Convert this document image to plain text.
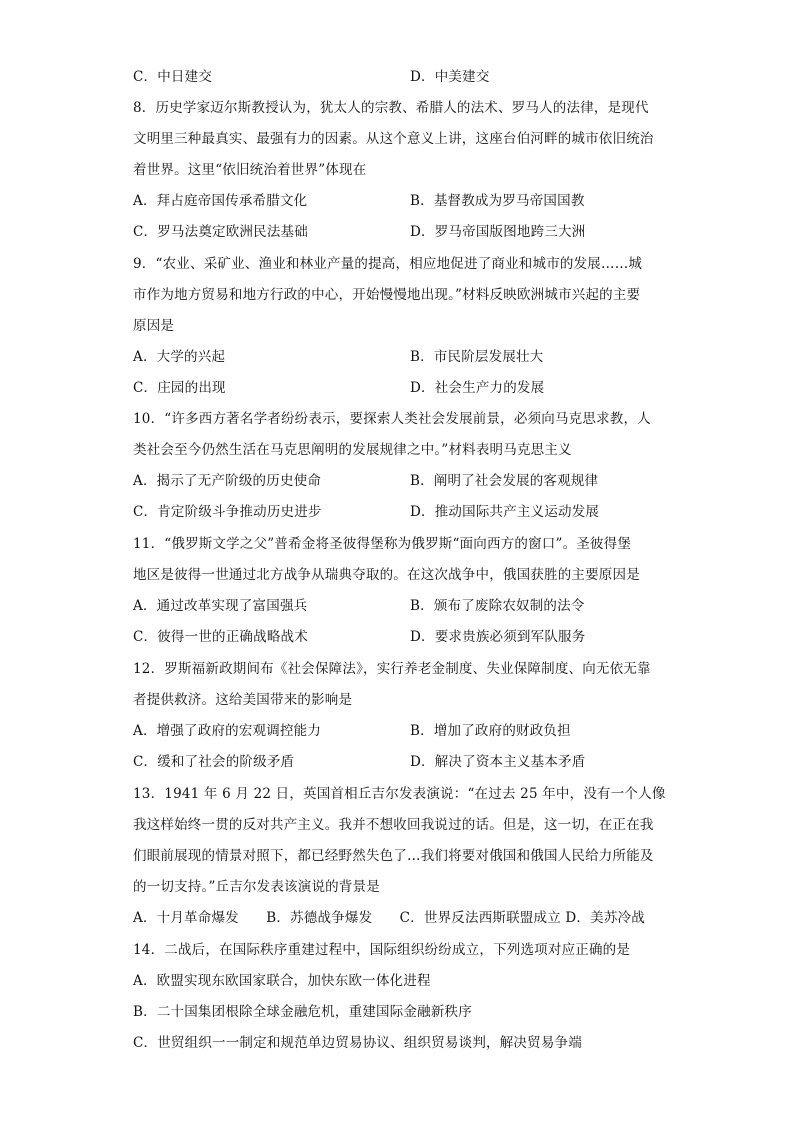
C．中日建交	D．中美建交
8．历史学家迈尔斯教授认为，犹太人的宗教、希腊人的法术、罗马人的法律，是现代
文明里三种最真实、最强有力的因素。从这个意义上讲，这座台伯河畔的城市依旧统治
着世界。这里“依旧统治着世界”体现在
A．拜占庭帝国传承希腊文化	B．基督教成为罗马帝国国教
C．罗马法奠定欧洲民法基础	D．罗马帝国版图地跨三大洲
9．“农业、采矿业、渔业和林业产量的提高，相应地促进了商业和城市的发展……城
市作为地方贸易和地方行政的中心，开始慢慢地出现。”材料反映欧洲城市兴起的主要
原因是
A．大学的兴起	B．市民阶层发展壮大
C．庄园的出现	D．社会生产力的发展
10．“许多西方著名学者纷纷表示，要探索人类社会发展前景，必须向马克思求教，人
类社会至今仍然生活在马克思阐明的发展规律之中。”材料表明马克思主义
A．揭示了无产阶级的历史使命	B．阐明了社会发展的客观规律
C．肯定阶级斗争推动历史进步	D．推动国际共产主义运动发展
11．“俄罗斯文学之父”普希金将圣彼得堡称为俄罗斯“面向西方的窗口”。圣彼得堡
地区是彼得一世通过北方战争从瑞典夺取的。在这次战争中，俄国获胜的主要原因是
A．通过改革实现了富国强兵	B．颁布了废除农奴制的法令
C．彼得一世的正确战略战术	D．要求贵族必须到军队服务
12．罗斯福新政期间布《社会保障法》，实行养老金制度、失业保障制度、向无依无靠
者提供救济。这给美国带来的影响是
A．增强了政府的宏观调控能力	B．增加了政府的财政负担
C．缓和了社会的阶级矛盾	D．解决了资本主义基本矛盾
13．1941 年 6 月 22 日，英国首相丘吉尔发表演说：“在过去 25 年中，没有一个人像
我这样始终一贯的反对共产主义。我并不想收回我说过的话。但是，这一切，在正在我
们眼前展现的情景对照下，都已经野然失色了…我们将要对俄国和俄国人民给力所能及
的一切支持。”丘吉尔发表该演说的背景是
A．十月革命爆发　　B．苏德战争爆发　　C．世界反法西斯联盟成立 D．美苏冷战
14．二战后，在国际秩序重建过程中，国际组织纷纷成立，下列选项对应正确的是
A．欧盟实现东欧国家联合，加快东欧一体化进程
B．二十国集团根除全球金融危机，重建国际金融新秩序
C．世贸组织一一制定和规范单边贸易协议、组织贸易谈判，解决贸易争端
